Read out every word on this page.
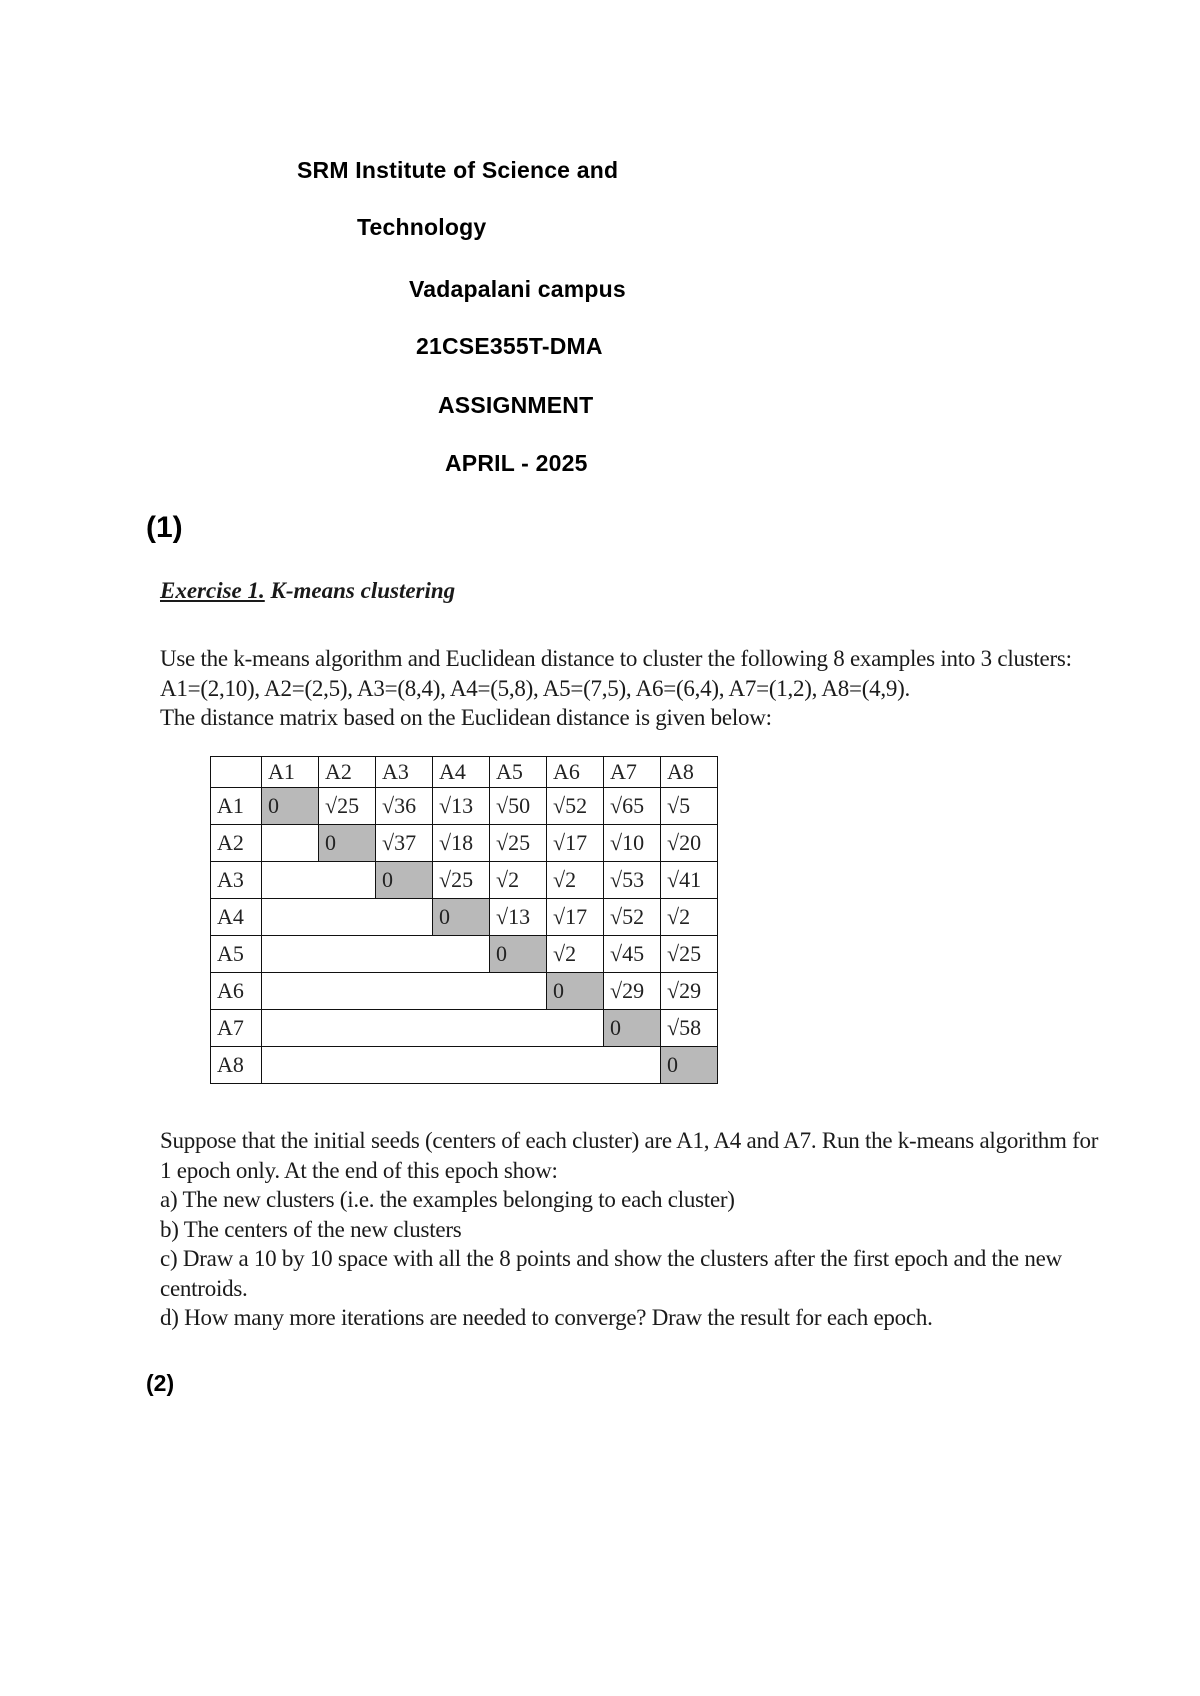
SRM Institute of Science and
Technology
Vadapalani campus
21CSE355T-DMA
ASSIGNMENT
APRIL - 2025
(1)
Exercise 1. K-means clustering
Use the k-means algorithm and Euclidean distance to cluster the following 8 examples into 3 clusters:
A1=(2,10), A2=(2,5), A3=(8,4), A4=(5,8), A5=(7,5), A6=(6,4), A7=(1,2), A8=(4,9).
The distance matrix based on the Euclidean distance is given below:
	A1	A2	A3	A4	A5	A6	A7	A8
A1	0	√25	√36	√13	√50	√52	√65	√5
A2		0	√37	√18	√25	√17	√10	√20
A3			0	√25	√2	√2	√53	√41
A4				0	√13	√17	√52	√2
A5					0	√2	√45	√25
A6						0	√29	√29
A7							0	√58
A8								0
Suppose that the initial seeds (centers of each cluster) are A1, A4 and A7. Run the k-means algorithm for
1 epoch only. At the end of this epoch show:
a) The new clusters (i.e. the examples belonging to each cluster)
b) The centers of the new clusters
c) Draw a 10 by 10 space with all the 8 points and show the clusters after the first epoch and the new
centroids.
d) How many more iterations are needed to converge? Draw the result for each epoch.
(2)
